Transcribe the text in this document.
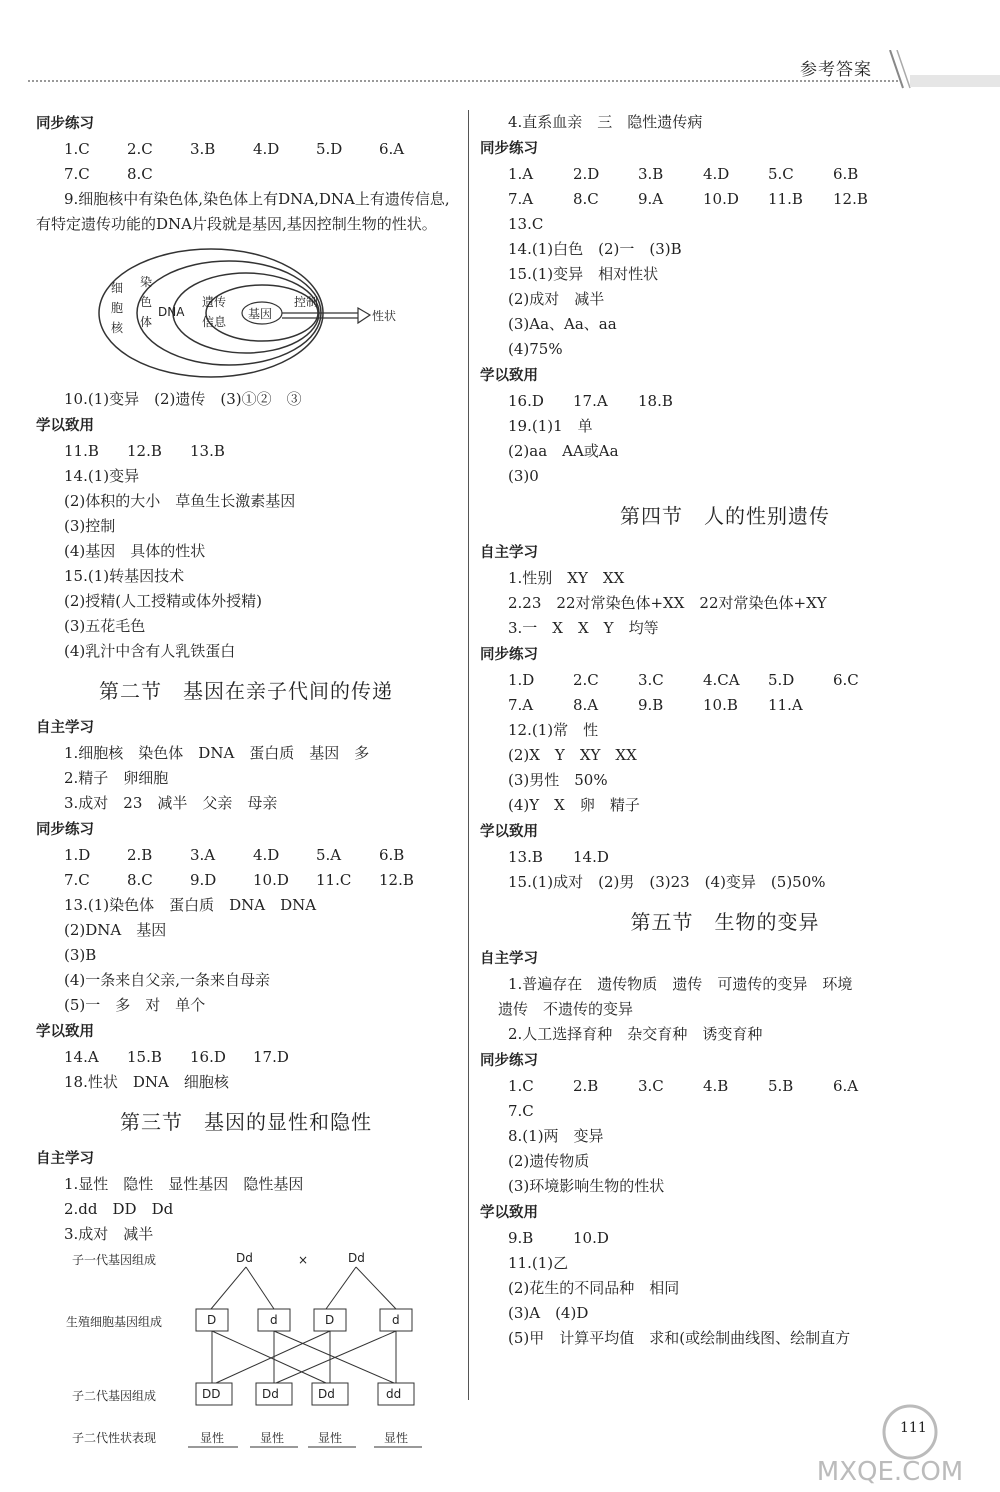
参考答案
同步练习
1.C	2.C	3.B	4.D	5.D	6.A
7.C	8.C
9.细胞核中有染色体,染色体上有DNA,DNA上有遗传信息,有特定遗传功能的DNA片段就是基因,基因控制生物的性状。
细
胞
核
染
色
体
DNA
遗传
信息
基因
控制
性状
10.(1)变异　(2)遗传　(3)①②　③
学以致用
11.B	12.B	13.B
14.(1)变异
(2)体积的大小　草鱼生长激素基因
(3)控制
(4)基因　具体的性状
15.(1)转基因技术
(2)授精(人工授精或体外授精)
(3)五花毛色
(4)乳汁中含有人乳铁蛋白
第二节　基因在亲子代间的传递
自主学习
1.细胞核　染色体　DNA　蛋白质　基因　多
2.精子　卵细胞
3.成对　23　减半　父亲　母亲
同步练习
1.D	2.B	3.A	4.D	5.A	6.B
7.C	8.C	9.D	10.D	11.C	12.B
13.(1)染色体　蛋白质　DNA　DNA
(2)DNA　基因
(3)B
(4)一条来自父亲,一条来自母亲
(5)一　多　对　单个
学以致用
14.A	15.B	16.D	17.D
18.性状　DNA　细胞核
第三节　基因的显性和隐性
自主学习
1.显性　隐性　显性基因　隐性基因
2.dd　DD　Dd
3.成对　减半
子一代基因组成	Dd	×	Dd
生殖细胞基因组成	D	d	D	d
子二代基因组成	DD	Dd	Dd	dd
子二代性状表现	显性	显性	显性	显性
4.直系血亲　三　隐性遗传病
同步练习
1.A	2.D	3.B	4.D	5.C	6.B
7.A	8.C	9.A	10.D	11.B	12.B
13.C
14.(1)白色　(2)一　(3)B
15.(1)变异　相对性状
(2)成对　减半
(3)Aa、Aa、aa
(4)75%
学以致用
16.D	17.A	18.B
19.(1)1　单
(2)aa　AA或Aa
(3)0
第四节　人的性别遗传
自主学习
1.性别　XY　XX
2.23　22对常染色体+XX　22对常染色体+XY
3.一　X　X　Y　均等
同步练习
1.D	2.C	3.C	4.CA	5.D	6.C
7.A	8.A	9.B	10.B	11.A
12.(1)常　性
(2)X　Y　XY　XX
(3)男性　50%
(4)Y　X　卵　精子
学以致用
13.B	14.D
15.(1)成对　(2)男　(3)23　(4)变异　(5)50%
第五节　生物的变异
自主学习
1.普遍存在　遗传物质　遗传　可遗传的变异　环境
遗传　不遗传的变异
2.人工选择育种　杂交育种　诱变育种
同步练习
1.C	2.B	3.C	4.B	5.B	6.A
7.C
8.(1)两　变异
(2)遗传物质
(3)环境影响生物的性状
学以致用
9.B	10.D
11.(1)乙
(2)花生的不同品种　相同
(3)A　(4)D
(5)甲　计算平均值　求和(或绘制曲线图、绘制直方
111
MXQE.COM
